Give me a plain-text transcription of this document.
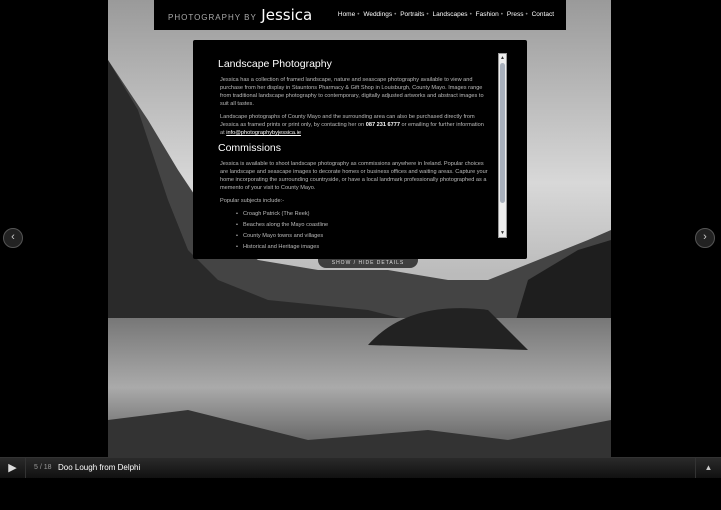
PHOTOGRAPHY BY Jessica	Home • Weddings • Portraits • Landscapes • Fashion • Press • Contact
Landscape Photography

Jessica has a collection of framed landscape, nature and seascape photography available to view and purchase from her display in Stauntons Pharmacy & Gift Shop in Louisburgh, County Mayo. Images range from traditional landscape photography to contemporary, digitally adjusted artworks and abstract images to suit all tastes.

Landscape photographs of County Mayo and the surrounding area can also be purchased directly from Jessica as framed prints or print only, by contacting her on 087 231 6777 or emailing for further information at info@photographybyjessica.ie

Commissions

Jessica is available to shoot landscape photography as commissions anywhere in Ireland. Popular choices are landscape and seascape images to decorate homes or business offices and waiting areas. Capture your home incorporating the surrounding countryside, or have a local landmark professionally photographed as a memento of your visit to County Mayo.

Popular subjects include:-

• Croagh Patrick (The Reek)
• Beaches along the Mayo coastline
• County Mayo towns and villages
• Historical and Heritage images
▲
▼
SHOW / HIDE DETAILS
‹	›
▶	5 / 18 Doo Lough from Delphi	▲
